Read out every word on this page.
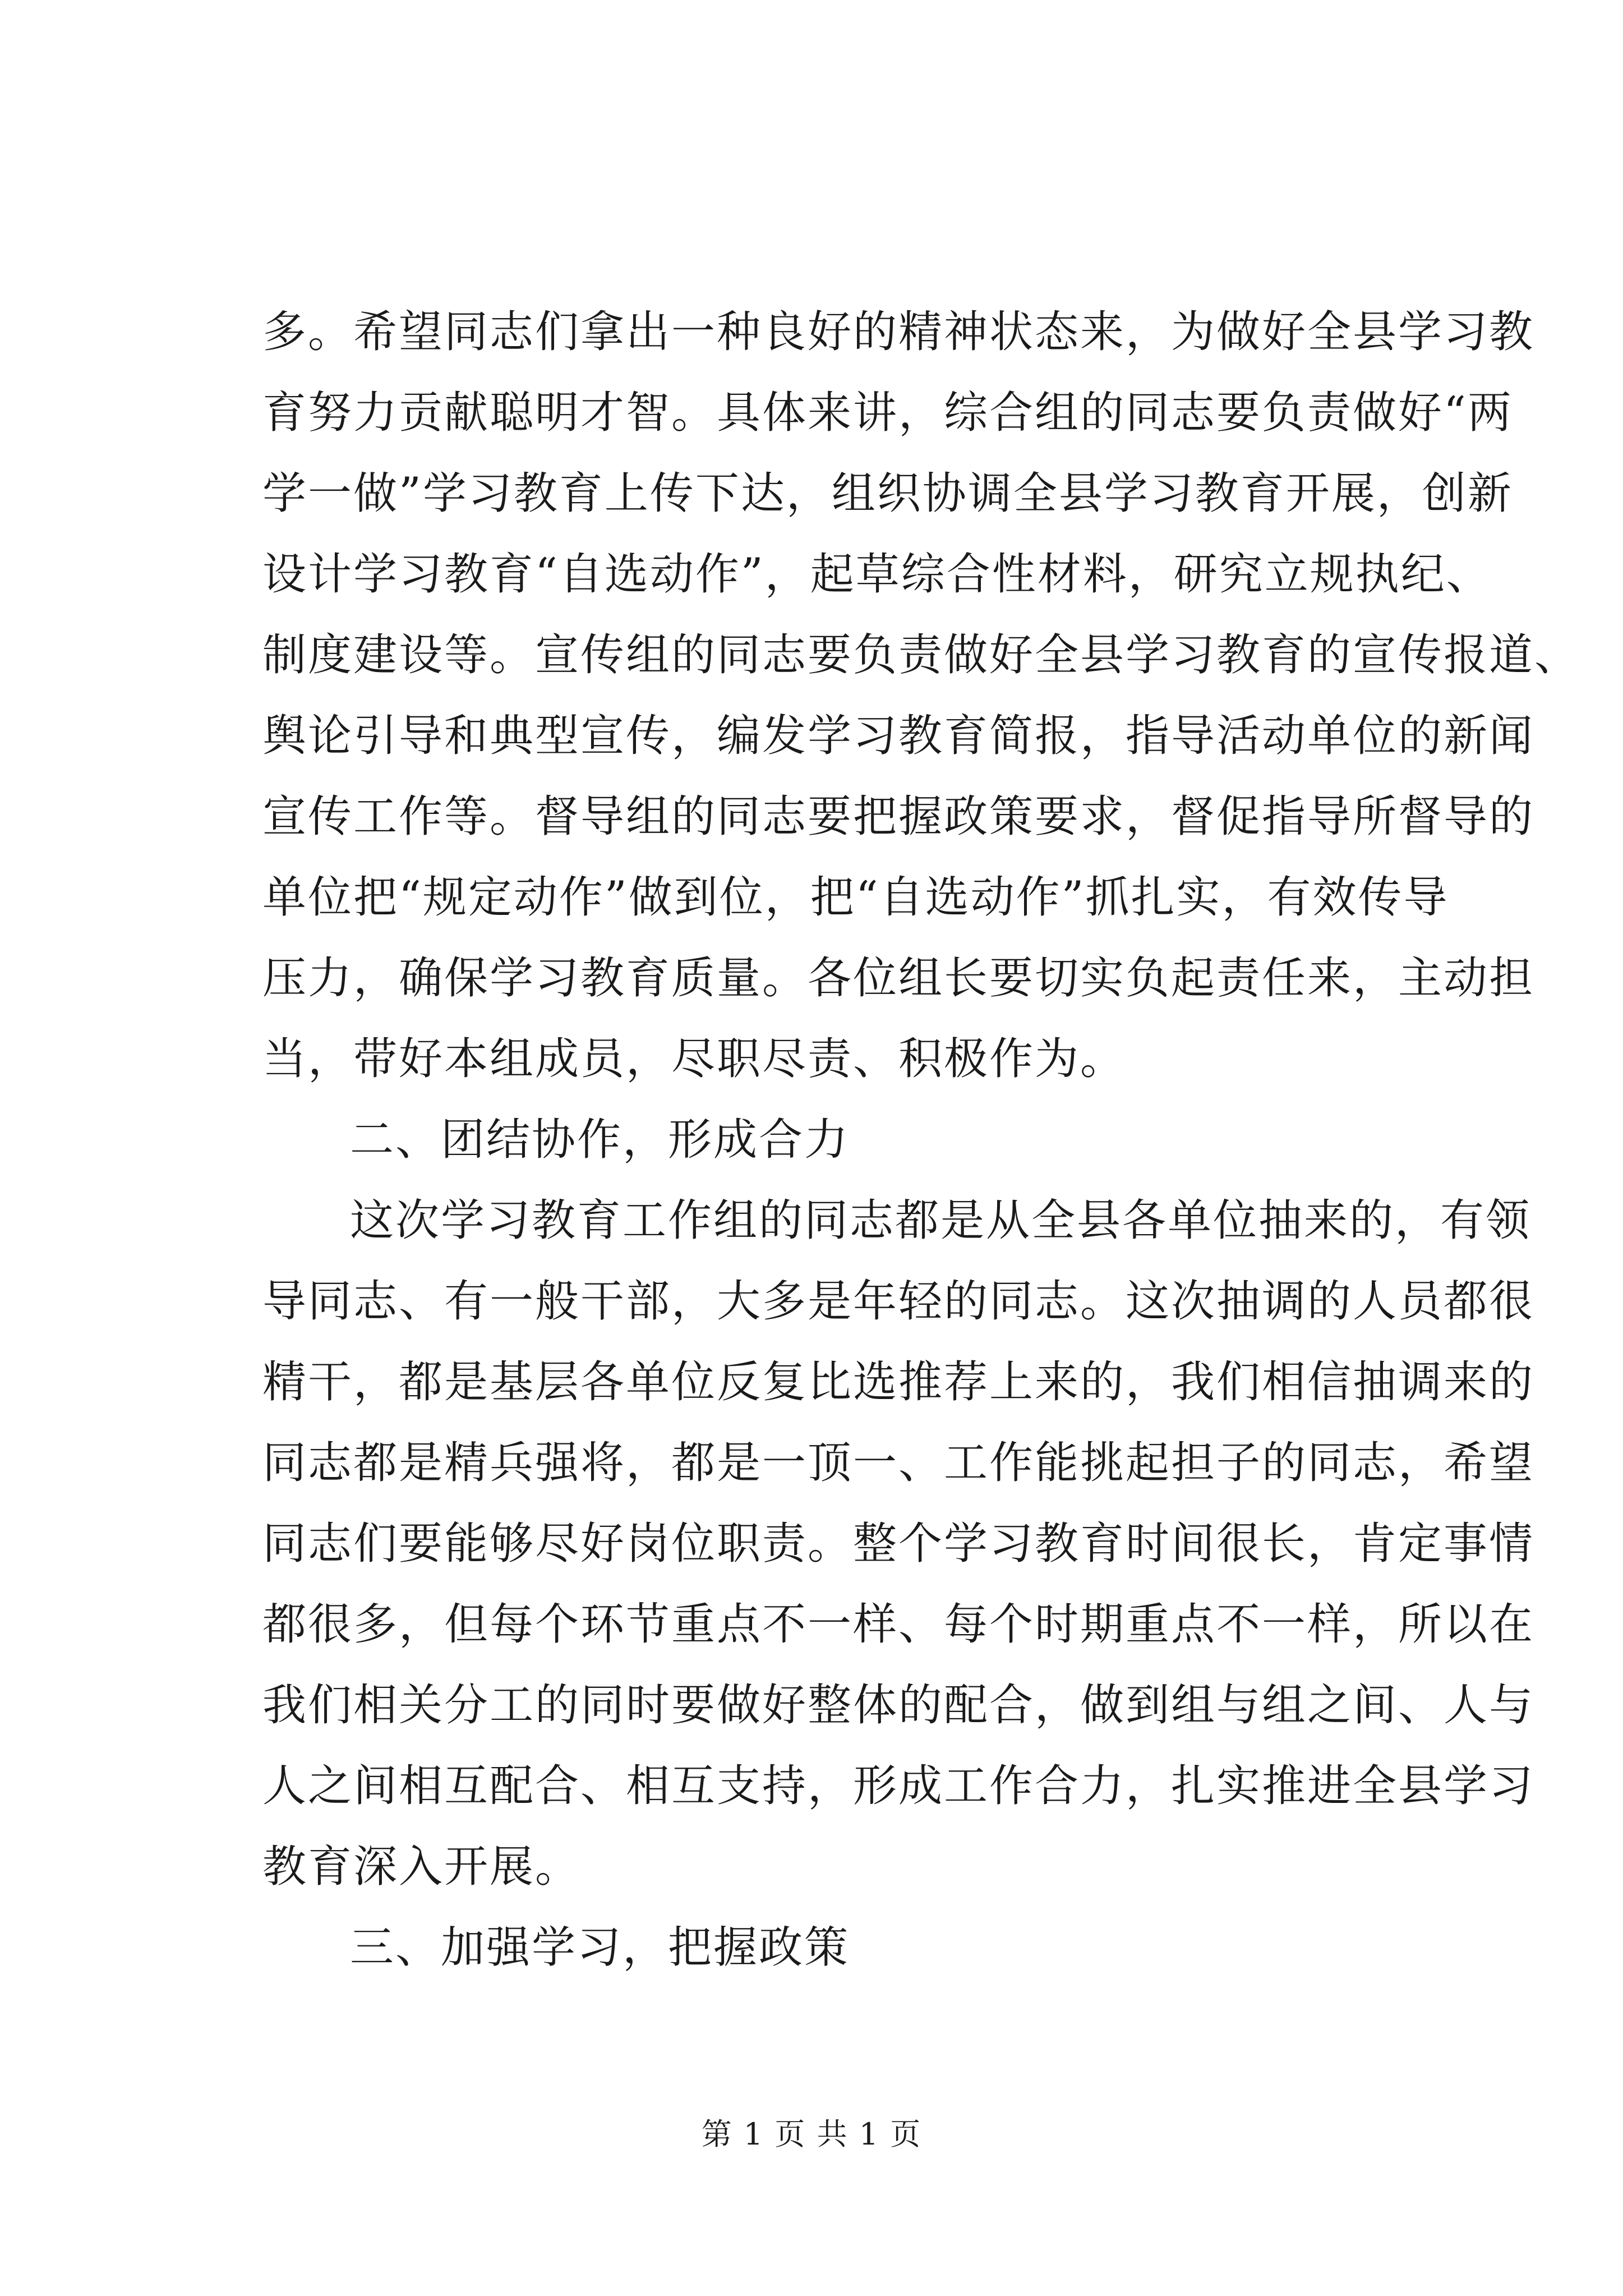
多。希望同志们拿出一种良好的精神状态来，为做好全县学习教
育努力贡献聪明才智。具体来讲，综合组的同志要负责做好“两
学一做”学习教育上传下达，组织协调全县学习教育开展，创新
设计学习教育“自选动作”，起草综合性材料，研究立规执纪、
制度建设等。宣传组的同志要负责做好全县学习教育的宣传报道、
舆论引导和典型宣传，编发学习教育简报，指导活动单位的新闻
宣传工作等。督导组的同志要把握政策要求，督促指导所督导的
单位把“规定动作”做到位，把“自选动作”抓扎实，有效传导
压力，确保学习教育质量。各位组长要切实负起责任来，主动担
当，带好本组成员，尽职尽责、积极作为。
二、团结协作，形成合力
这次学习教育工作组的同志都是从全县各单位抽来的，有领
导同志、有一般干部，大多是年轻的同志。这次抽调的人员都很
精干，都是基层各单位反复比选推荐上来的，我们相信抽调来的
同志都是精兵强将，都是一顶一、工作能挑起担子的同志，希望
同志们要能够尽好岗位职责。整个学习教育时间很长，肯定事情
都很多，但每个环节重点不一样、每个时期重点不一样，所以在
我们相关分工的同时要做好整体的配合，做到组与组之间、人与
人之间相互配合、相互支持，形成工作合力，扎实推进全县学习
教育深入开展。
三、加强学习，把握政策
第 1 页 共 1 页
